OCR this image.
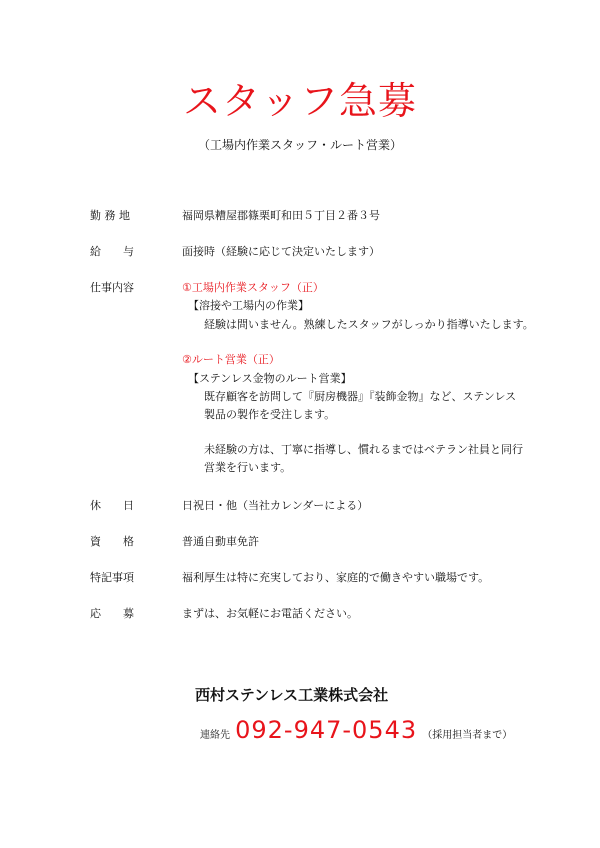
スタッフ急募
（工場内作業スタッフ・ルート営業）
勤 務 地	福岡県糟屋郡篠栗町和田５丁目２番３号
給　　与	面接時（経験に応じて決定いたします）
仕事内容	①工場内作業スタッフ（正）
【溶接や工場内の作業】
経験は問いません。熟練したスタッフがしっかり指導いたします。
②ルート営業（正）
【ステンレス金物のルート営業】
既存顧客を訪問して『厨房機器』『装飾金物』など、ステンレス
製品の製作を受注します。
未経験の方は、丁寧に指導し、慣れるまではベテラン社員と同行
営業を行います。
休　　日	日祝日・他（当社カレンダーによる）
資　　格	普通自動車免許
特記事項	福利厚生は特に充実しており、家庭的で働きやすい職場です。
応　　募	まずは、お気軽にお電話ください。
西村ステンレス工業株式会社
連絡先 092-947-0543 （採用担当者まで）
